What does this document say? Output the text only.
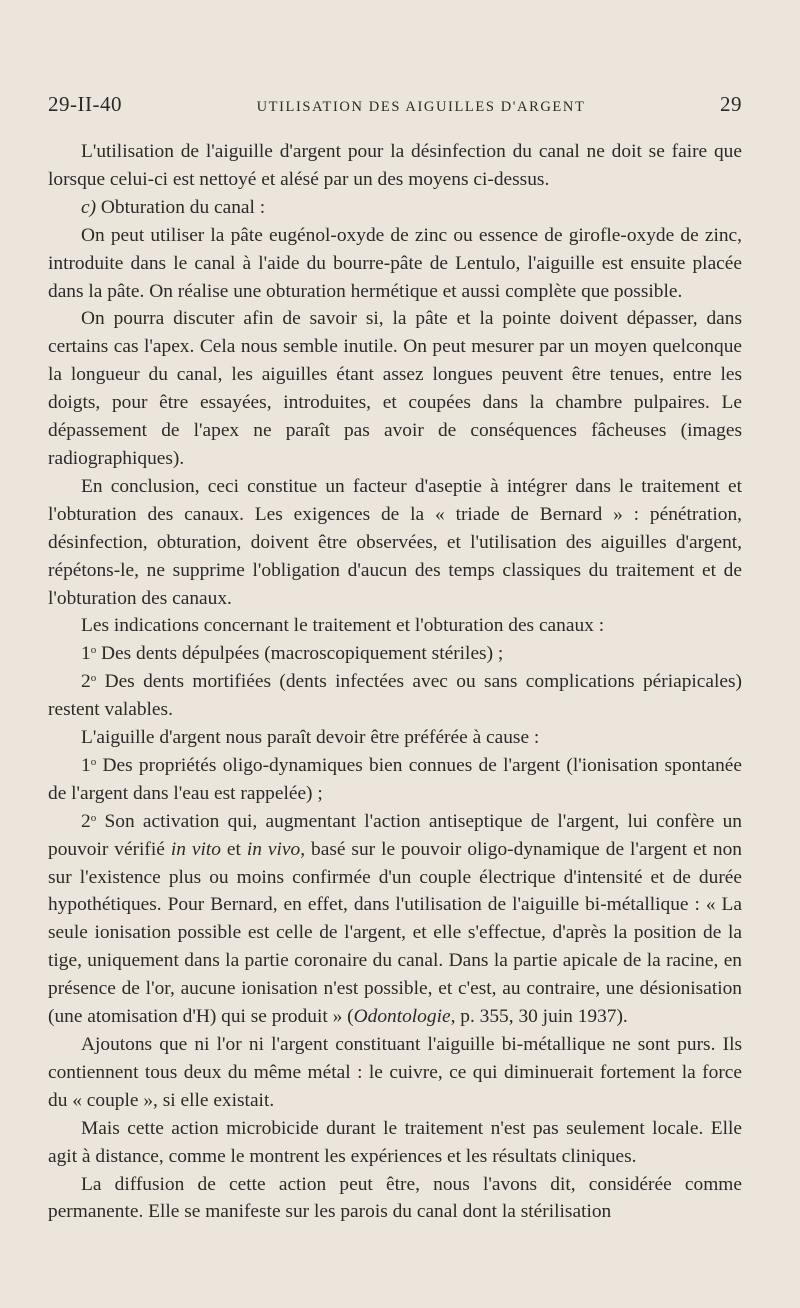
29-II-40	UTILISATION DES AIGUILLES D'ARGENT	29

L'utilisation de l'aiguille d'argent pour la désinfection du canal ne doit se faire que lorsque celui-ci est nettoyé et alésé par un des moyens ci-dessus.

c) Obturation du canal :

On peut utiliser la pâte eugénol-oxyde de zinc ou essence de girofle-oxyde de zinc, introduite dans le canal à l'aide du bourre-pâte de Lentulo, l'aiguille est ensuite placée dans la pâte. On réalise une obturation hermétique et aussi complète que possible.

On pourra discuter afin de savoir si, la pâte et la pointe doivent dépasser, dans certains cas l'apex. Cela nous semble inutile. On peut mesurer par un moyen quelconque la longueur du canal, les aiguilles étant assez longues peuvent être tenues, entre les doigts, pour être essayées, introduites, et coupées dans la chambre pulpaires. Le dépassement de l'apex ne paraît pas avoir de conséquences fâcheuses (images radiographiques).

En conclusion, ceci constitue un facteur d'aseptie à intégrer dans le traitement et l'obturation des canaux. Les exigences de la « triade de Bernard » : pénétration, désinfection, obturation, doivent être observées, et l'utilisation des aiguilles d'argent, répétons-le, ne supprime l'obligation d'aucun des temps classiques du traitement et de l'obturation des canaux.

Les indications concernant le traitement et l'obturation des canaux :

1$^o$ Des dents dépulpées (macroscopiquement stériles) ;

2$^o$ Des dents mortifiées (dents infectées avec ou sans complications périapicales) restent valables.

L'aiguille d'argent nous paraît devoir être préférée à cause :

1$^o$ Des propriétés oligo-dynamiques bien connues de l'argent (l'ionisation spontanée de l'argent dans l'eau est rappelée) ;

2$^o$ Son activation qui, augmentant l'action antiseptique de l'argent, lui confère un pouvoir vérifié in vito et in vivo, basé sur le pouvoir oligo-dynamique de l'argent et non sur l'existence plus ou moins confirmée d'un couple électrique d'intensité et de durée hypothétiques. Pour Bernard, en effet, dans l'utilisation de l'aiguille bi-métallique : « La seule ionisation possible est celle de l'argent, et elle s'effectue, d'après la position de la tige, uniquement dans la partie coronaire du canal. Dans la partie apicale de la racine, en présence de l'or, aucune ionisation n'est possible, et c'est, au contraire, une désionisation (une atomisation d'H) qui se produit » (Odontologie, p. 355, 30 juin 1937).

Ajoutons que ni l'or ni l'argent constituant l'aiguille bi-métallique ne sont purs. Ils contiennent tous deux du même métal : le cuivre, ce qui diminuerait fortement la force du « couple », si elle existait.

Mais cette action microbicide durant le traitement n'est pas seulement locale. Elle agit à distance, comme le montrent les expériences et les résultats cliniques.

La diffusion de cette action peut être, nous l'avons dit, considérée comme permanente. Elle se manifeste sur les parois du canal dont la stérilisation
